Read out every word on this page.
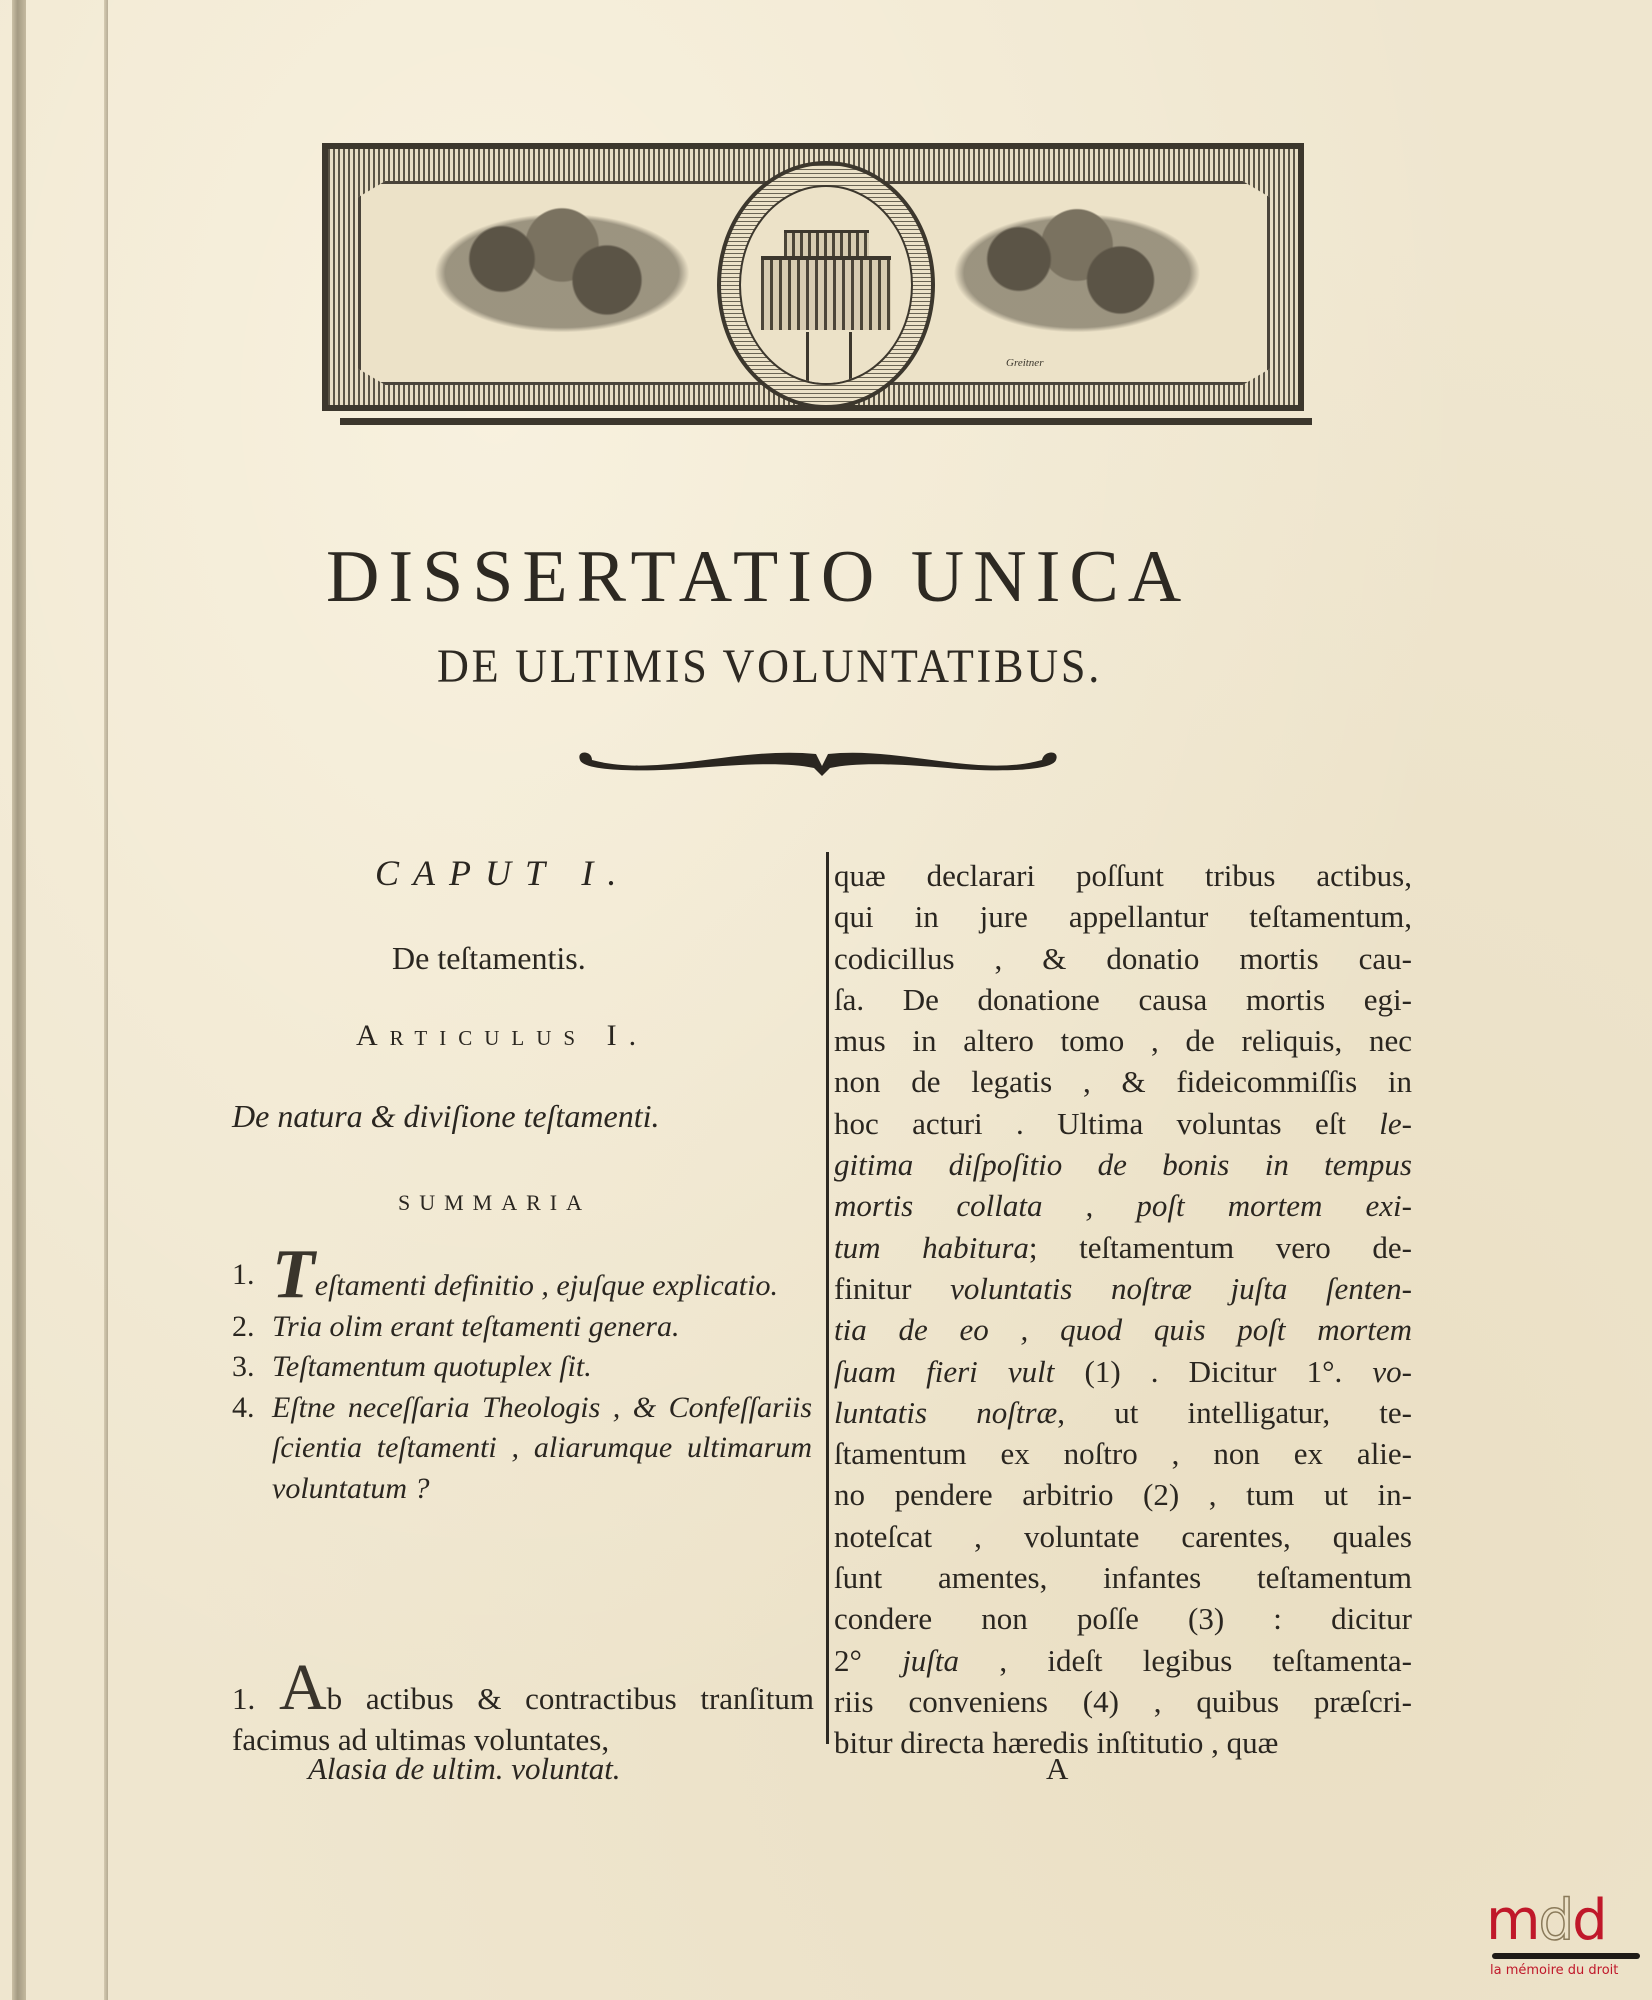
Greitner
DISSERTATIO UNICA
DE ULTIMIS VOLUNTATIBUS.
CAPUT I.
De teſtamentis.
Articulus I.
De natura & diviſione teſtamenti.
SUMMARIA
1. Teſtamenti definitio , ejuſque explicatio.
2. Tria olim erant teſtamenti genera.
3. Teſtamentum quotuplex ſit.
4. Eſtne neceſſaria Theologis , & Confeſſariis ſcientia teſtamenti , aliarumque ultimarum voluntatum ?
1. Ab actibus & contractibus tranſitum facimus ad ultimas voluntates,
Alasia de ultim. voluntat.
quæ declarari poſſunt tribus actibus,
qui in jure appellantur teſtamentum,
codicillus , & donatio mortis cau-
ſa. De donatione causa mortis egi-
mus in altero tomo , de reliquis, nec
non de legatis , & fideicommiſſis in
hoc acturi . Ultima voluntas eſt le-
gitima diſpoſitio de bonis in tempus
mortis collata , poſt mortem exi-
tum habitura; teſtamentum vero de-
finitur voluntatis noſtræ juſta ſenten-
tia de eo , quod quis poſt mortem
ſuam fieri vult (1) . Dicitur 1°. vo-
luntatis noſtræ, ut intelligatur, te-
ſtamentum ex noſtro , non ex alie-
no pendere arbitrio (2) , tum ut in-
noteſcat , voluntate carentes, quales
ſunt amentes, infantes teſtamentum
condere non poſſe (3) : dicitur
2° juſta , ideſt legibus teſtamenta-
riis conveniens (4) , quibus præſcri-
bitur directa hæredis inſtitutio , quæ
A
mdd
la mémoire du droit
